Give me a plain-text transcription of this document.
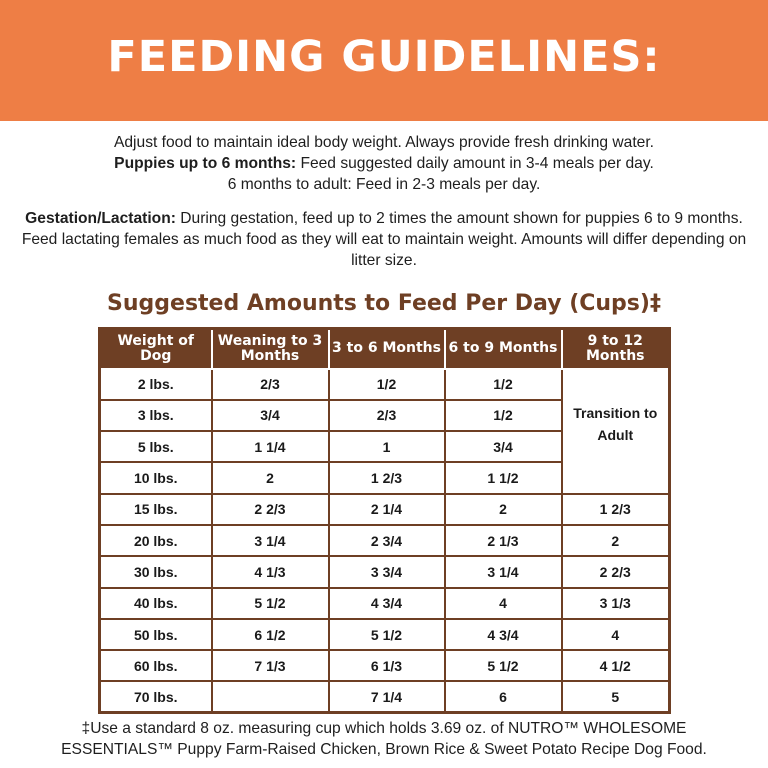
FEEDING GUIDELINES:
Adjust food to maintain ideal body weight. Always provide fresh drinking water.
Puppies up to 6 months: Feed suggested daily amount in 3-4 meals per day.
6 months to adult: Feed in 2-3 meals per day.
Gestation/Lactation: During gestation, feed up to 2 times the amount shown for puppies 6 to 9 months. Feed lactating females as much food as they will eat to maintain weight. Amounts will differ depending on litter size.
Suggested Amounts to Feed Per Day (Cups)‡
Weight of Dog	Weaning to 3 Months	3 to 6 Months	6 to 9 Months	9 to 12 Months
2 lbs.	2/3	1/2	1/2	Transition to Adult
3 lbs.	3/4	2/3	1/2	
5 lbs.	1 1/4	1	3/4	
10 lbs.	2	1 2/3	1 1/2	
15 lbs.	2 2/3	2 1/4	2	1 2/3
20 lbs.	3 1/4	2 3/4	2 1/3	2
30 lbs.	4 1/3	3 3/4	3 1/4	2 2/3
40 lbs.	5 1/2	4 3/4	4	3 1/3
50 lbs.	6 1/2	5 1/2	4 3/4	4
60 lbs.	7 1/3	6 1/3	5 1/2	4 1/2
70 lbs.		7 1/4	6	5
‡Use a standard 8 oz. measuring cup which holds 3.69 oz. of NUTRO™ WHOLESOME
ESSENTIALS™ Puppy Farm-Raised Chicken, Brown Rice & Sweet Potato Recipe Dog Food.
